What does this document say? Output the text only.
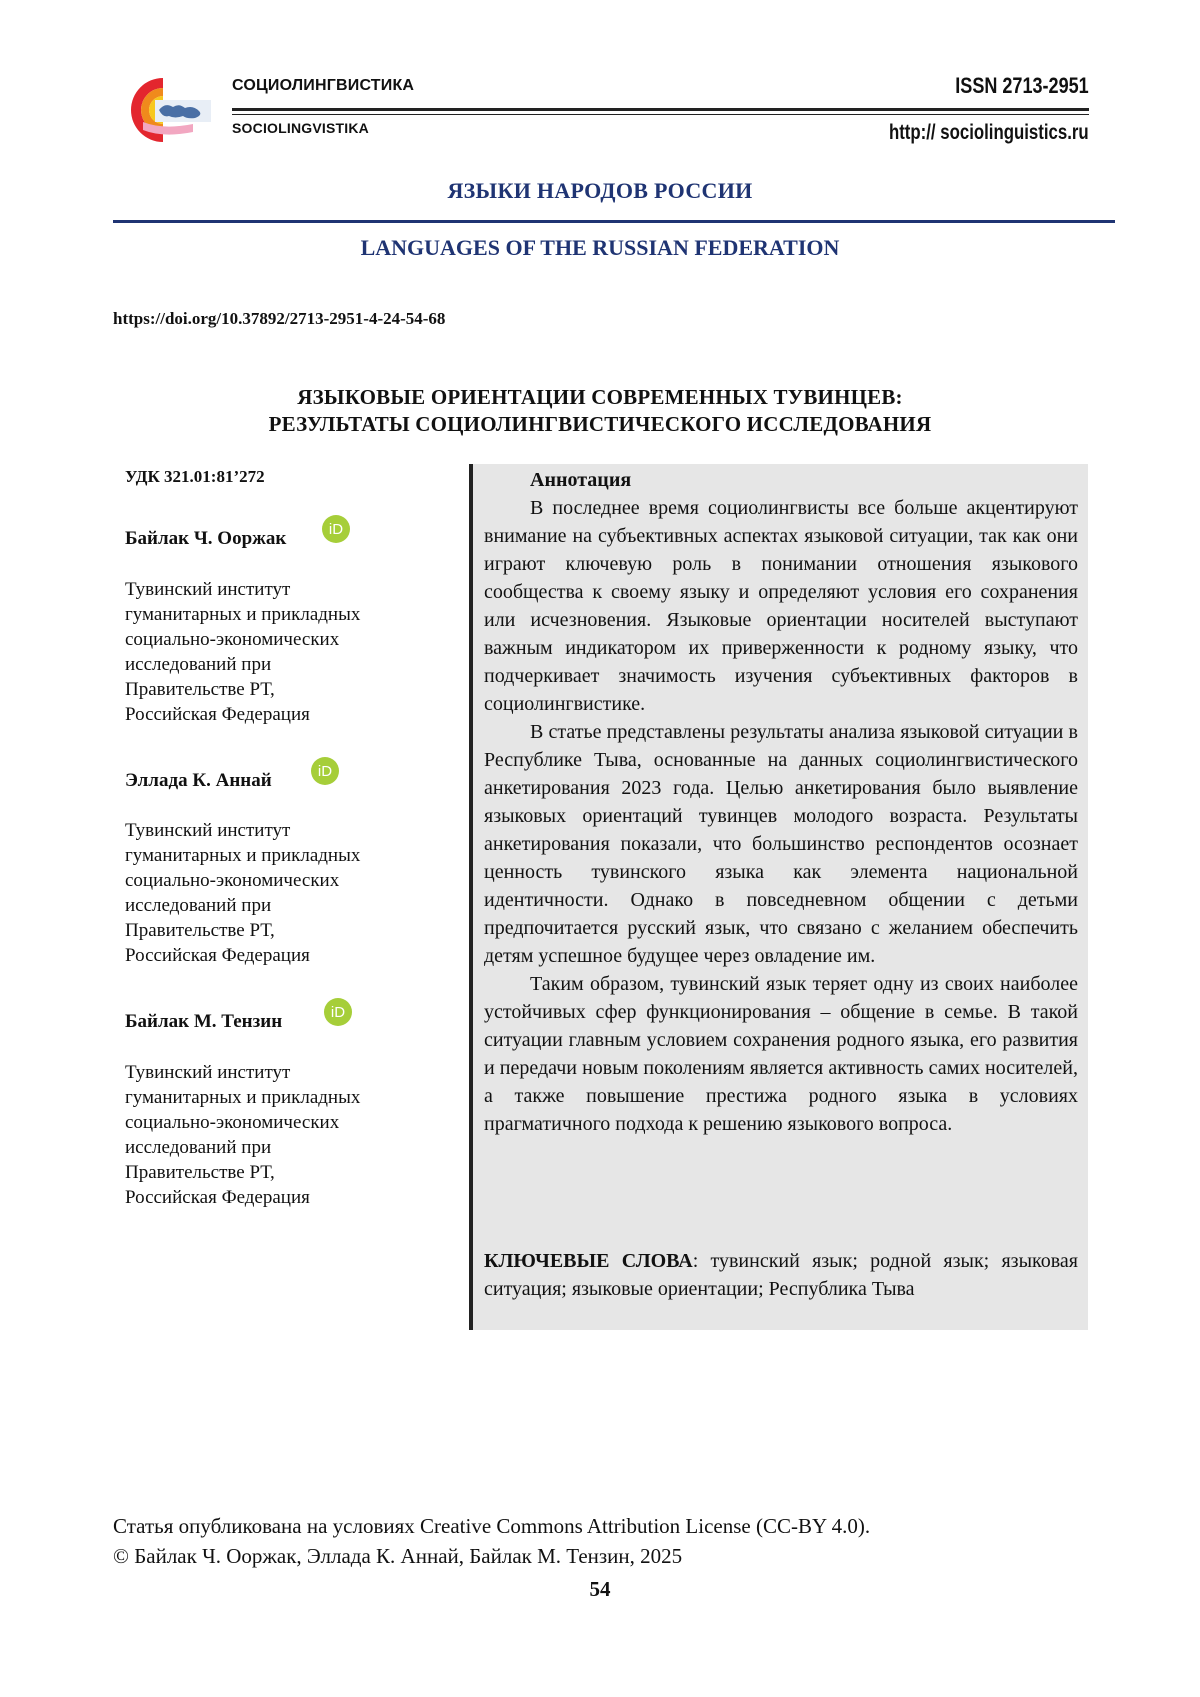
СОЦИОЛИНГВИСТИКА
SOCIOLINGVISTIKA
ISSN 2713-2951
http:// sociolinguistics.ru
ЯЗЫКИ НАРОДОВ РОССИИ
LANGUAGES OF THE RUSSIAN FEDERATION
https://doi.org/10.37892/2713-2951-4-24-54-68
ЯЗЫКОВЫЕ ОРИЕНТАЦИИ СОВРЕМЕННЫХ ТУВИНЦЕВ:
РЕЗУЛЬТАТЫ СОЦИОЛИНГВИСТИЧЕСКОГО ИССЛЕДОВАНИЯ
УДК 321.01:81’272
Байлак Ч. Ооржак	iD
Тувинский институт
гуманитарных и прикладных
социально-экономических
исследований при
Правительстве РТ,
Российская Федерация
Эллада К. Аннай	iD
Тувинский институт
гуманитарных и прикладных
социально-экономических
исследований при
Правительстве РТ,
Российская Федерация
Байлак М. Тензин	iD
Тувинский институт
гуманитарных и прикладных
социально-экономических
исследований при
Правительстве РТ,
Российская Федерация
Аннотация

В последнее время социолингвисты все больше акцентируют внимание на субъективных аспектах языковой ситуации, так как они играют ключевую роль в понимании отношения языкового сообщества к своему языку и определяют условия его сохранения или исчезновения. Языковые ориентации носителей выступают важным индикатором их приверженности к родному языку, что подчеркивает значимость изучения субъективных факторов в социолингвистике.

В статье представлены результаты анализа языковой ситуации в Республике Тыва, основанные на данных социолингвистического анкетирования 2023 года. Целью анкетирования было выявление языковых ориентаций тувинцев молодого возраста. Результаты анкетирования показали, что большинство респондентов осознает ценность тувинского языка как элемента национальной идентичности. Однако в повседневном общении с детьми предпочитается русский язык, что связано с желанием обеспечить детям успешное будущее через овладение им.

Таким образом, тувинский язык теряет одну из своих наиболее устойчивых сфер функционирования – общение в семье. В такой ситуации главным условием сохранения родного языка, его развития и передачи новым поколениям является активность самих носителей, а также повышение престижа родного языка в условиях прагматичного подхода к решению языкового вопроса.

КЛЮЧЕВЫЕ СЛОВА: тувинский язык; родной язык; языковая ситуация; языковые ориентации; Республика Тыва
Статья опубликована на условиях Creative Commons Attribution License (CC-BY 4.0).
© Байлак Ч. Ооржак, Эллада К. Аннай, Байлак М. Тензин, 2025
54
